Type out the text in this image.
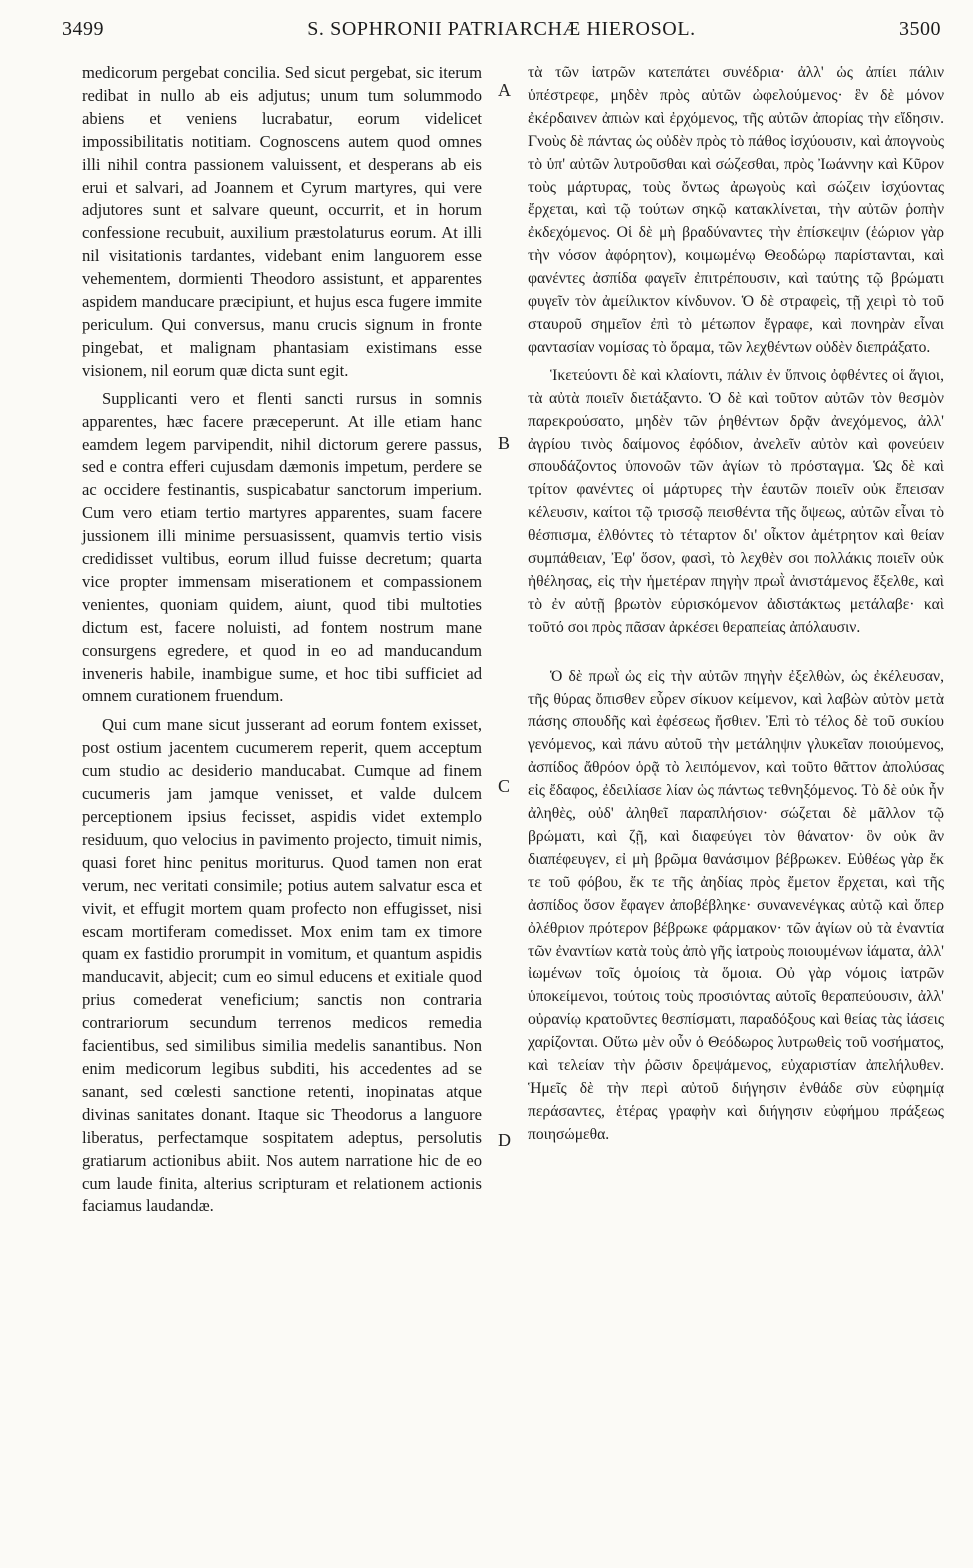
3499	S. SOPHRONII PATRIARCHÆ HIEROSOL.	3500

medicorum pergebat concilia. Sed sicut pergebat, sic iterum redibat in nullo ab eis adjutus; unum tum solummodo abiens et veniens lucrabatur, eorum videlicet impossibilitatis notitiam. Cognoscens autem quod omnes illi nihil contra passionem valuissent, et desperans ab eis erui et salvari, ad Joannem et Cyrum martyres, qui vere adjutores sunt et salvare queunt, occurrit, et in horum confessione recubuit, auxilium præstolaturus eorum. At illi nil visitationis tardantes, videbant enim languorem esse vehementem, dormienti Theodoro assistunt, et apparentes aspidem manducare præcipiunt, et hujus esca fugere immite periculum. Qui conversus, manu crucis signum in fronte pingebat, et malignam phantasiam existimans esse visionem, nil eorum quæ dicta sunt egit.

Supplicanti vero et flenti sancti rursus in somnis apparentes, hæc facere præceperunt. At ille etiam hanc eamdem legem parvipendit, nihil dictorum gerere passus, sed e contra efferi cujusdam dæmonis impetum, perdere se ac occidere festinantis, suspicabatur sanctorum imperium. Cum vero etiam tertio martyres apparentes, suam facere jussionem illi minime persuasissent, quamvis tertio visis credidisset vultibus, eorum illud fuisse decretum; quarta vice propter immensam miserationem et compassionem venientes, quoniam quidem, aiunt, quod tibi multoties dictum est, facere noluisti, ad fontem nostrum mane consurgens egredere, et quod in eo ad manducandum inveneris habile, inambigue sume, et hoc tibi sufficiet ad omnem curationem fruendum.

Qui cum mane sicut jusserant ad eorum fontem exisset, post ostium jacentem cucumerem reperit, quem acceptum cum studio ac desiderio manducabat. Cumque ad finem cucumeris jam jamque venisset, et valde dulcem perceptionem ipsius fecisset, aspidis videt extemplo residuum, quo velocius in pavimento projecto, timuit nimis, quasi foret hinc penitus moriturus. Quod tamen non erat verum, nec veritati consimile; potius autem salvatur esca et vivit, et effugit mortem quam profecto non effugisset, nisi escam mortiferam comedisset. Mox enim tam ex timore quam ex fastidio prorumpit in vomitum, et quantum aspidis manducavit, abjecit; cum eo simul educens et exitiale quod prius comederat veneficium; sanctis non contraria contrariorum secundum terrenos medicos remedia facientibus, sed similibus similia medelis sanantibus. Non enim medicorum legibus subditi, his accedentes ad se sanant, sed cœlesti sanctione retenti, inopinatas atque divinas sanitates donant. Itaque sic Theodorus a languore liberatus, perfectamque sospitatem adeptus, persolutis gratiarum actionibus abiit. Nos autem narratione hic de eo cum laude finita, alterius scripturam et relationem actionis faciamus laudandæ.

A
B
C
D

τὰ τῶν ἰατρῶν κατεπάτει συνέδρια· ἀλλ' ὡς ἀπίει πάλιν ὑπέστρεφε, μηδὲν πρὸς αὐτῶν ὠφελούμενος· ἓν δὲ μόνον ἐκέρδαινεν ἀπιὼν καὶ ἐρχόμενος, τῆς αὐτῶν ἀπορίας τὴν εἴδησιν. Γνοὺς δὲ πάντας ὡς οὐδὲν πρὸς τὸ πάθος ἰσχύουσιν, καὶ ἀπογνοὺς τὸ ὑπ' αὐτῶν λυτροῦσθαι καὶ σώζεσθαι, πρὸς Ἰωάννην καὶ Κῦρον τοὺς μάρτυρας, τοὺς ὄντως ἀρωγοὺς καὶ σώζειν ἰσχύοντας ἔρχεται, καὶ τῷ τούτων σηκῷ κατακλίνεται, τὴν αὐτῶν ῥοπὴν ἐκδεχόμενος. Οἱ δὲ μὴ βραδύναντες τὴν ἐπίσκεψιν (ἑώριον γὰρ τὴν νόσον ἀφόρητον), κοιμωμένῳ Θεοδώρῳ παρίστανται, καὶ φανέντες ἀσπίδα φαγεῖν ἐπιτρέπουσιν, καὶ ταύτης τῷ βρώματι φυγεῖν τὸν ἀμείλικτον κίνδυνον. Ὁ δὲ στραφεὶς, τῇ χειρὶ τὸ τοῦ σταυροῦ σημεῖον ἐπὶ τὸ μέτωπον ἔγραφε, καὶ πονηρὰν εἶναι φαντασίαν νομίσας τὸ ὅραμα, τῶν λεχθέντων οὐδὲν διεπράξατο.

Ἱκετεύοντι δὲ καὶ κλαίοντι, πάλιν ἐν ὕπνοις ὀφθέντες οἱ ἅγιοι, τὰ αὐτὰ ποιεῖν διετάξαντο. Ὁ δὲ καὶ τοῦτον αὐτῶν τὸν θεσμὸν παρεκρούσατο, μηδὲν τῶν ῥηθέντων δρᾷν ἀνεχόμενος, ἀλλ' ἀγρίου τινὸς δαίμονος ἐφόδιον, ἀνελεῖν αὐτὸν καὶ φονεύειν σπουδάζοντος ὑπονοῶν τῶν ἁγίων τὸ πρόσταγμα. Ὡς δὲ καὶ τρίτον φανέντες οἱ μάρτυρες τὴν ἑαυτῶν ποιεῖν οὐκ ἔπεισαν κέλευσιν, καίτοι τῷ τρισσῷ πεισθέντα τῆς ὄψεως, αὐτῶν εἶναι τὸ θέσπισμα, ἐλθόντες τὸ τέταρτον δι' οἶκτον ἀμέτρητον καὶ θείαν συμπάθειαν, Ἐφ' ὅσον, φασὶ, τὸ λεχθὲν σοι πολλάκις ποιεῖν οὐκ ἠθέλησας, εἰς τὴν ἡμετέραν πηγὴν πρωῒ ἀνιστάμενος ἔξελθε, καὶ τὸ ἐν αὐτῇ βρωτὸν εὑρισκόμενον ἀδιστάκτως μετάλαβε· καὶ τοῦτό σοι πρὸς πᾶσαν ἀρκέσει θεραπείας ἀπόλαυσιν.

Ὁ δὲ πρωῒ ὡς εἰς τὴν αὐτῶν πηγὴν ἐξελθὼν, ὡς ἐκέλευσαν, τῆς θύρας ὄπισθεν εὗρεν σίκυον κείμενον, καὶ λαβὼν αὐτὸν μετὰ πάσης σπουδῆς καὶ ἐφέσεως ἤσθιεν. Ἐπὶ τὸ τέλος δὲ τοῦ συκίου γενόμενος, καὶ πάνυ αὐτοῦ τὴν μετάληψιν γλυκεῖαν ποιούμενος, ἀσπίδος ἄθρόον ὁρᾷ τὸ λειπόμενον, καὶ τοῦτο θᾶττον ἀπολύσας εἰς ἔδαφος, ἐδειλίασε λίαν ὡς πάντως τεθνηξόμενος. Τὸ δὲ οὐκ ἦν ἀληθὲς, οὐδ' ἀληθεῖ παραπλήσιον· σώζεται δὲ μᾶλλον τῷ βρώματι, καὶ ζῇ, καὶ διαφεύγει τὸν θάνατον· ὃν οὐκ ἂν διαπέφευγεν, εἰ μὴ βρῶμα θανάσιμον βέβρωκεν. Εὐθέως γὰρ ἔκ τε τοῦ φόβου, ἔκ τε τῆς ἀηδίας πρὸς ἔμετον ἔρχεται, καὶ τῆς ἀσπίδος ὅσον ἔφαγεν ἀποβέβληκε· συνανενέγκας αὐτῷ καὶ ὅπερ ὀλέθριον πρότερον βέβρωκε φάρμακον· τῶν ἁγίων οὐ τὰ ἐναντία τῶν ἐναντίων κατὰ τοὺς ἀπὸ γῆς ἰατροὺς ποιουμένων ἰάματα, ἀλλ' ἰωμένων τοῖς ὁμοίοις τὰ ὅμοια. Οὐ γὰρ νόμοις ἰατρῶν ὑποκείμενοι, τούτοις τοὺς προσιόντας αὐτοῖς θεραπεύουσιν, ἀλλ' οὐρανίῳ κρατοῦντες θεσπίσματι, παραδόξους καὶ θείας τὰς ἰάσεις χαρίζονται. Οὕτω μὲν οὖν ὁ Θεόδωρος λυτρωθεὶς τοῦ νοσήματος, καὶ τελείαν τὴν ῥῶσιν δρεψάμενος, εὐχαριστίαν ἀπελήλυθεν. Ἡμεῖς δὲ τὴν περὶ αὐτοῦ διήγησιν ἐνθάδε σὺν εὐφημίᾳ περάσαντες, ἑτέρας γραφὴν καὶ διήγησιν εὐφήμου πράξεως ποιησώμεθα.
